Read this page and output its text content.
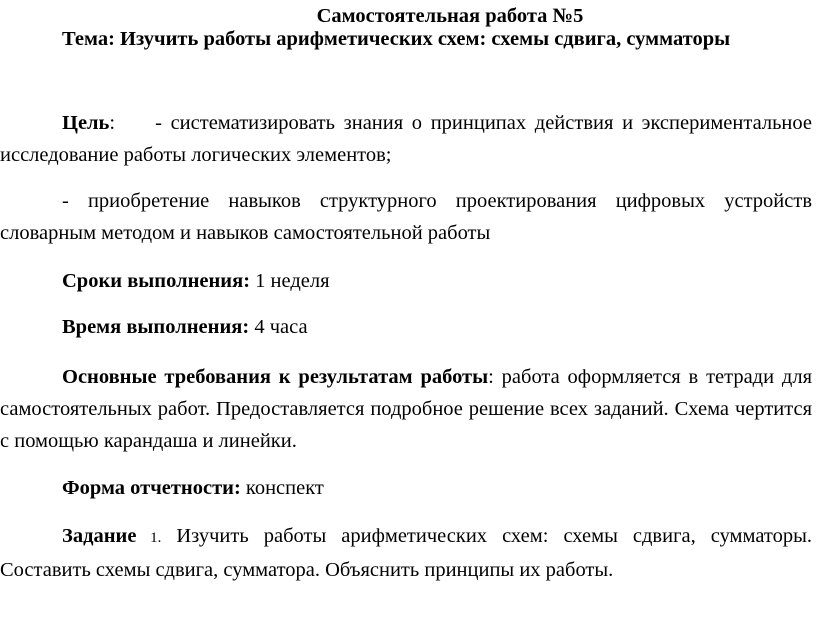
Самостоятельная работа №5

Тема: Изучить работы арифметических схем: схемы сдвига, сумматоры

Цель: - систематизировать знания о принципах действия и экспериментальное исследование работы логических элементов;

- приобретение навыков структурного проектирования цифровых устройств словарным методом и навыков самостоятельной работы

Сроки выполнения: 1 неделя

Время выполнения: 4 часа

Основные требования к результатам работы: работа оформляется в тетради для самостоятельных работ. Предоставляется подробное решение всех заданий. Схема чертится с помощью карандаша и линейки.

Форма отчетности: конспект

Задание 1. Изучить работы арифметических схем: схемы сдвига, сумматоры. Составить схемы сдвига, сумматора. Объяснить принципы их работы.
